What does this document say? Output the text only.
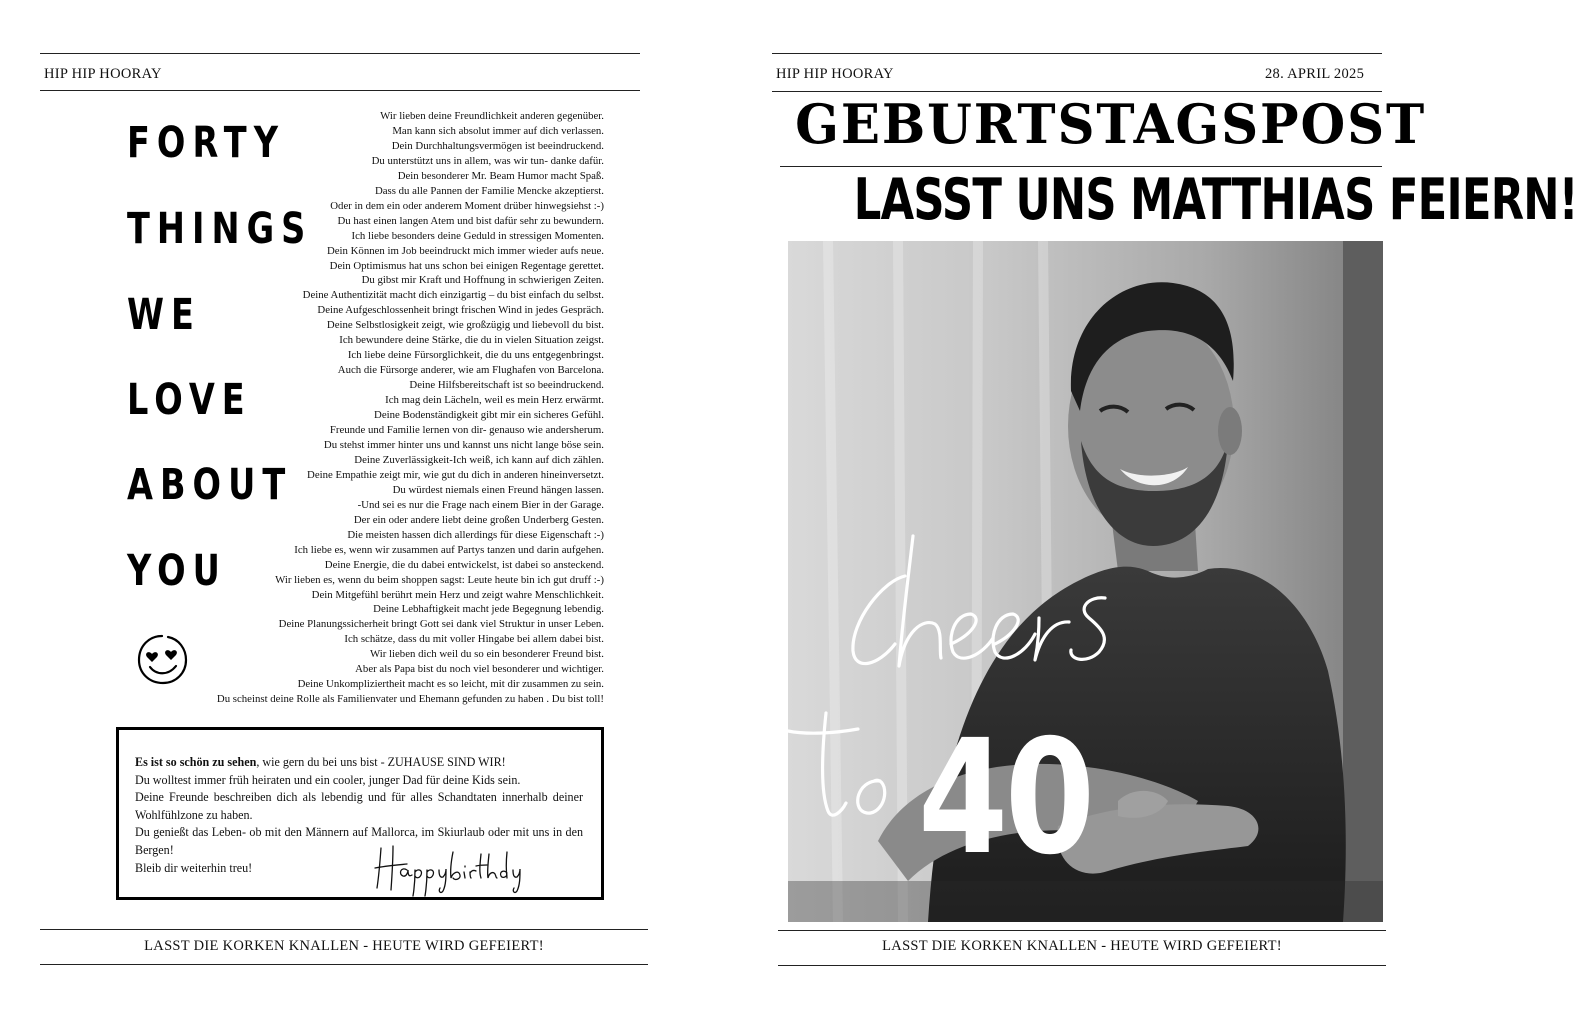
HIP HIP HOORAY
FORTY
THINGS
WE
LOVE
ABOUT
YOU
Wir lieben deine Freundlichkeit anderen gegenüber.
Man kann sich absolut immer auf dich verlassen.
Dein Durchhaltungsvermögen ist beeindruckend.
Du unterstützt uns in allem, was wir tun- danke dafür.
Dein besonderer Mr. Beam Humor macht Spaß.
Dass du alle Pannen der Familie Mencke akzeptierst.
Oder in dem ein oder anderem Moment drüber hinwegsiehst :-)
Du hast einen langen Atem und bist dafür sehr zu bewundern.
Ich liebe besonders deine Geduld in stressigen Momenten.
Dein Können im Job beeindruckt mich immer wieder aufs neue.
Dein Optimismus hat uns schon bei einigen Regentage gerettet.
Du gibst mir Kraft und Hoffnung in schwierigen Zeiten.
Deine Authentizität macht dich einzigartig – du bist einfach du selbst.
Deine Aufgeschlossenheit bringt frischen Wind in jedes Gespräch.
Deine Selbstlosigkeit zeigt, wie großzügig und liebevoll du bist.
Ich bewundere deine Stärke, die du in vielen Situation zeigst.
Ich liebe deine Fürsorglichkeit, die du uns entgegenbringst.
Auch die Fürsorge anderer, wie am Flughafen von Barcelona.
Deine Hilfsbereitschaft ist so beeindruckend.
Ich mag dein Lächeln, weil es mein Herz erwärmt.
Deine Bodenständigkeit gibt mir ein sicheres Gefühl.
Freunde und Familie lernen von dir- genauso wie andersherum.
Du stehst immer hinter uns und kannst uns nicht lange böse sein.
Deine Zuverlässigkeit-Ich weiß, ich kann auf dich zählen.
Deine Empathie zeigt mir, wie gut du dich in anderen hineinversetzt.
Du würdest niemals einen Freund hängen lassen.
-Und sei es nur die Frage nach einem Bier in der Garage.
Der ein oder andere liebt deine großen Underberg Gesten.
Die meisten hassen dich allerdings für diese Eigenschaft :-)
Ich liebe es, wenn wir zusammen auf Partys tanzen und darin aufgehen.
Deine Energie, die du dabei entwickelst, ist dabei so ansteckend.
Wir lieben es, wenn du beim shoppen sagst: Leute heute bin ich gut druff :-)
Dein Mitgefühl berührt mein Herz und zeigt wahre Menschlichkeit.
Deine Lebhaftigkeit macht jede Begegnung lebendig.
Deine Planungssicherheit bringt Gott sei dank viel Struktur in unser Leben.
Ich schätze, dass du mit voller Hingabe bei allem dabei bist.
Wir lieben dich weil du so ein besonderer Freund bist.
Aber als Papa bist du noch viel besonderer und wichtiger.
Deine Unkompliziertheit macht es so leicht, mit dir zusammen zu sein.
Du scheinst deine Rolle als Familienvater und Ehemann gefunden zu haben . Du bist toll!

Es ist so schön zu sehen, wie gern du bei uns bist - ZUHAUSE SIND WIR!

Du wolltest immer früh heiraten und ein cooler, junger Dad für deine Kids sein.

Deine Freunde beschreiben dich als lebendig und für alles Schandtaten innerhalb deiner Wohlfühlzone zu haben.

Du genießt das Leben- ob mit den Männern auf Mallorca, im Skiurlaub oder mit uns in den Bergen!

Bleib dir weiterhin treu!

LASST DIE KORKEN KNALLEN - HEUTE WIRD GEFEIERT!
HIP HIP HOORAY	28. APRIL 2025
GEBURTSTAGSPOST
LASST UNS MATTHIAS FEIERN!
40
LASST DIE KORKEN KNALLEN - HEUTE WIRD GEFEIERT!
